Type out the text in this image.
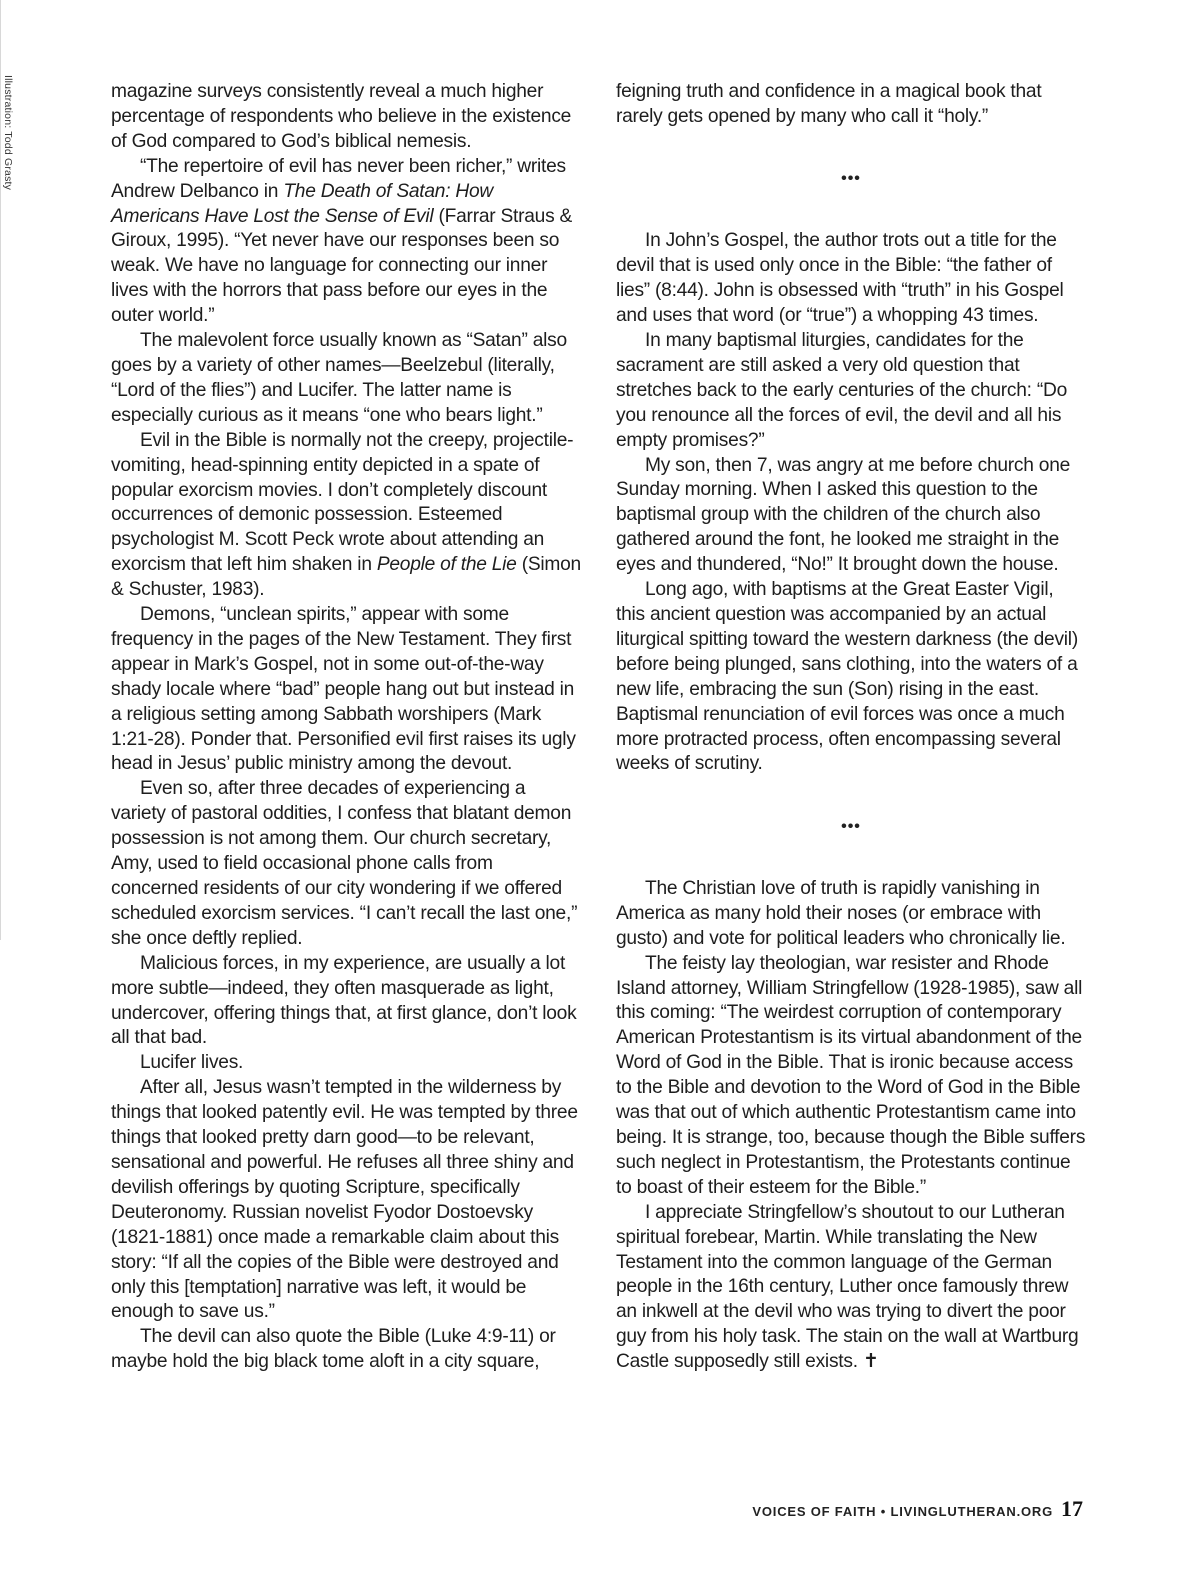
Illustration: Todd Grasty	magazine surveys consistently reveal a much higher percentage of respondents who believe in the existence of God compared to God’s biblical nemesis.

“The repertoire of evil has never been richer,” writes Andrew Delbanco in The Death of Satan: How Americans Have Lost the Sense of Evil (Farrar Straus & Giroux, 1995). “Yet never have our responses been so weak. We have no language for connecting our inner lives with the horrors that pass before our eyes in the outer world.”

The malevolent force usually known as “Satan” also goes by a variety of other names—Beelzebul (literally, “Lord of the flies”) and Lucifer. The latter name is especially curious as it means “one who bears light.”

Evil in the Bible is normally not the creepy, projectile-vomiting, head-spinning entity depicted in a spate of popular exorcism movies. I don’t completely discount occurrences of demonic possession. Esteemed psychologist M. Scott Peck wrote about attending an exorcism that left him shaken in People of the Lie (Simon & Schuster, 1983).

Demons, “unclean spirits,” appear with some frequency in the pages of the New Testament. They first appear in Mark’s Gospel, not in some out-of-the-way shady locale where “bad” people hang out but instead in a religious setting among Sabbath worshipers (Mark 1:21-28). Ponder that. Personified evil first raises its ugly head in Jesus’ public ministry among the devout.

Even so, after three decades of experiencing a variety of pastoral oddities, I confess that blatant demon possession is not among them. Our church secretary, Amy, used to field occasional phone calls from concerned residents of our city wondering if we offered scheduled exorcism services. “I can’t recall the last one,” she once deftly replied.

Malicious forces, in my experience, are usually a lot more subtle—indeed, they often masquerade as light, undercover, offering things that, at first glance, don’t look all that bad.

Lucifer lives.

After all, Jesus wasn’t tempted in the wilderness by things that looked patently evil. He was tempted by three things that looked pretty darn good—to be relevant, sensational and powerful. He refuses all three shiny and devilish offerings by quoting Scripture, specifically Deuteronomy. Russian novelist Fyodor Dostoevsky (1821-1881) once made a remarkable claim about this story: “If all the copies of the Bible were destroyed and only this [temptation] narrative was left, it would be enough to save us.”

The devil can also quote the Bible (Luke 4:9-11) or maybe hold the big black tome aloft in a city square,

feigning truth and confidence in a magical book that rarely gets opened by many who call it “holy.”

•••

In John’s Gospel, the author trots out a title for the devil that is used only once in the Bible: “the father of lies” (8:44). John is obsessed with “truth” in his Gospel and uses that word (or “true”) a whopping 43 times.

In many baptismal liturgies, candidates for the sacrament are still asked a very old question that stretches back to the early centuries of the church: “Do you renounce all the forces of evil, the devil and all his empty promises?”

My son, then 7, was angry at me before church one Sunday morning. When I asked this question to the baptismal group with the children of the church also gathered around the font, he looked me straight in the eyes and thundered, “No!” It brought down the house.

Long ago, with baptisms at the Great Easter Vigil, this ancient question was accompanied by an actual liturgical spitting toward the western darkness (the devil) before being plunged, sans clothing, into the waters of a new life, embracing the sun (Son) rising in the east. Baptismal renunciation of evil forces was once a much more protracted process, often encompassing several weeks of scrutiny.

•••

The Christian love of truth is rapidly vanishing in America as many hold their noses (or embrace with gusto) and vote for political leaders who chronically lie.

The feisty lay theologian, war resister and Rhode Island attorney, William Stringfellow (1928-1985), saw all this coming: “The weirdest corruption of contemporary American Protestantism is its virtual abandonment of the Word of God in the Bible. That is ironic because access to the Bible and devotion to the Word of God in the Bible was that out of which authentic Protestantism came into being. It is strange, too, because though the Bible suffers such neglect in Protestantism, the Protestants continue to boast of their esteem for the Bible.”

I appreciate Stringfellow’s shoutout to our Lutheran spiritual forebear, Martin. While translating the New Testament into the common language of the German people in the 16th century, Luther once famously threw an inkwell at the devil who was trying to divert the poor guy from his holy task. The stain on the wall at Wartburg Castle supposedly still exists. ✝

VOICES OF FAITH • LIVINGLUTHERAN.ORG 17
